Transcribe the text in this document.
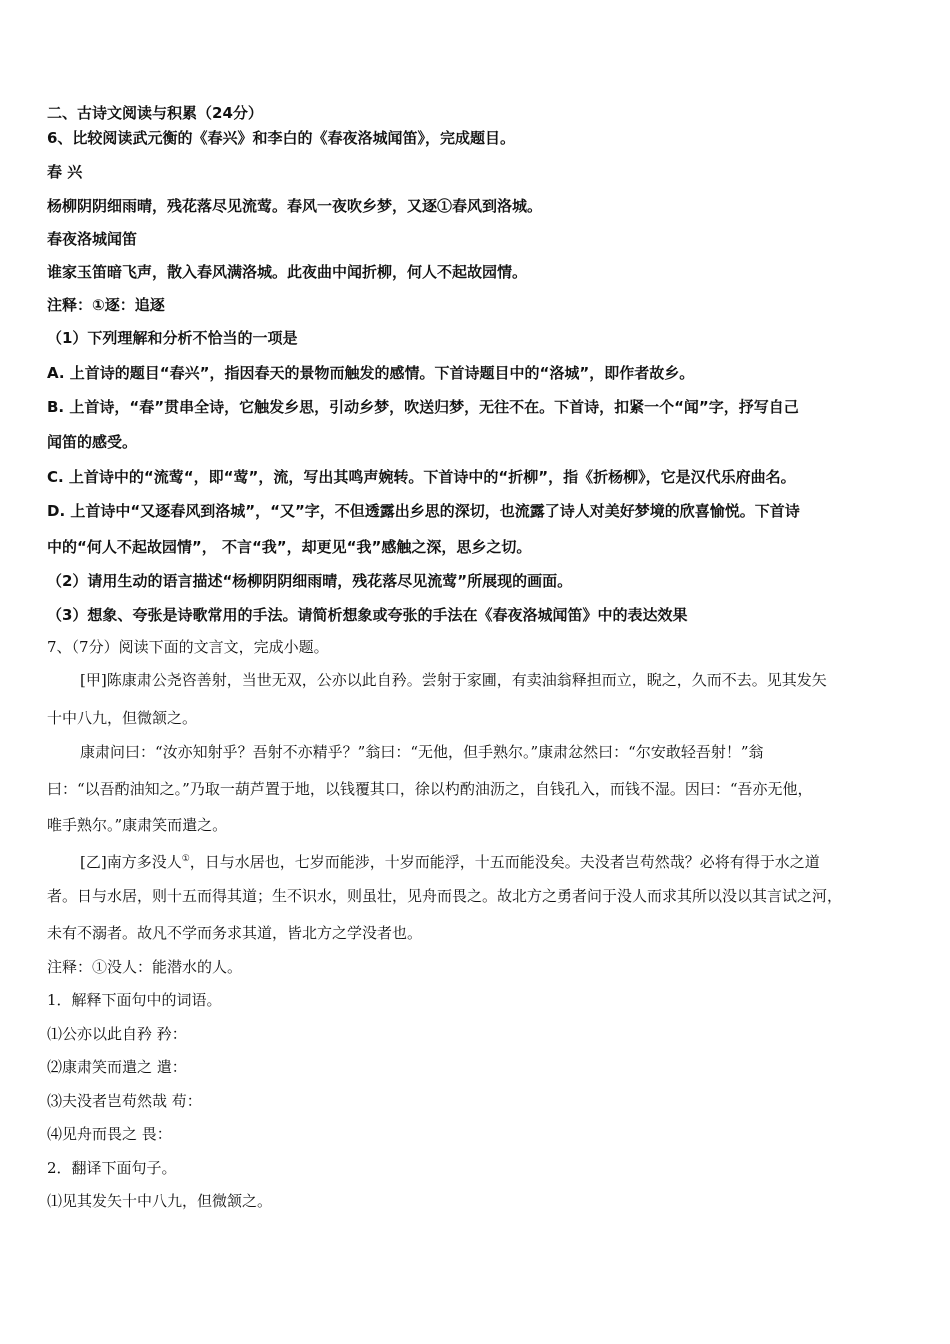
二、古诗文阅读与积累（24分）
6、比较阅读武元衡的《春兴》和李白的《春夜洛城闻笛》，完成题目。
春 兴
杨柳阴阴细雨晴，残花落尽见流莺。春风一夜吹乡梦，又逐①春风到洛城。
春夜洛城闻笛
谁家玉笛暗飞声，散入春风满洛城。此夜曲中闻折柳，何人不起故园情。
注释：①逐：追逐
（1）下列理解和分析不恰当的一项是
A. 上首诗的题目“春兴”，指因春天的景物而触发的感情。下首诗题目中的“洛城”，即作者故乡。
B. 上首诗，“春”贯串全诗，它触发乡思，引动乡梦，吹送归梦，无往不在。下首诗，扣紧一个“闻”字，抒写自己
闻笛的感受。
C. 上首诗中的“流莺“，即“莺”，流，写出其鸣声婉转。下首诗中的“折柳”，指《折杨柳》，它是汉代乐府曲名。
D. 上首诗中“又逐春风到洛城”，“又”字，不但透露出乡思的深切，也流露了诗人对美好梦境的欣喜愉悦。下首诗
中的“何人不起故园情”， 不言“我”，却更见“我”感触之深，思乡之切。
（2）请用生动的语言描述“杨柳阴阴细雨晴，残花落尽见流莺”所展现的画面。
（3）想象、夸张是诗歌常用的手法。请简析想象或夸张的手法在《春夜洛城闻笛》中的表达效果
7、（7分）阅读下面的文言文，完成小题。
[甲]陈康肃公尧咨善射，当世无双，公亦以此自矜。尝射于家圃，有卖油翁释担而立，睨之，久而不去。见其发矢
十中八九，但微颔之。
康肃问曰：“汝亦知射乎？吾射不亦精乎？”翁曰：“无他，但手熟尔。”康肃忿然曰：“尔安敢轻吾射！”翁
曰：“以吾酌油知之。”乃取一葫芦置于地，以钱覆其口，徐以杓酌油沥之，自钱孔入，而钱不湿。因曰：“吾亦无他，
唯手熟尔。”康肃笑而遣之。
[乙]南方多没人①，日与水居也，七岁而能涉，十岁而能浮，十五而能没矣。夫没者岂苟然哉？必将有得于水之道
者。日与水居，则十五而得其道；生不识水，则虽壮，见舟而畏之。故北方之勇者问于没人而求其所以没以其言试之河，
未有不溺者。故凡不学而务求其道，皆北方之学没者也。
注释：①没人：能潜水的人。
1．解释下面句中的词语。
⑴公亦以此自矜 矜：
⑵康肃笑而遣之 遣：
⑶夫没者岂苟然哉 苟：
⑷见舟而畏之 畏：
2．翻译下面句子。
⑴见其发矢十中八九，但微颔之。
